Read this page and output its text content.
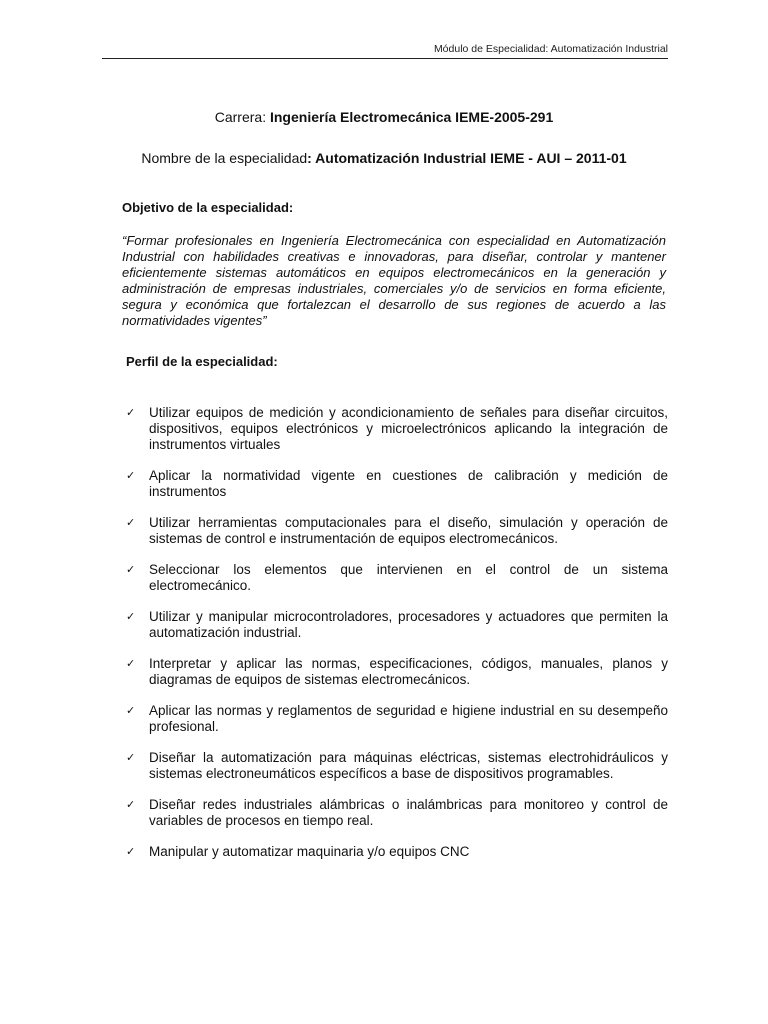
Módulo de Especialidad: Automatización Industrial
Carrera: Ingeniería Electromecánica IEME-2005-291
Nombre de la especialidad: Automatización Industrial IEME - AUI – 2011-01
Objetivo de la especialidad:
“Formar profesionales en Ingeniería Electromecánica con especialidad en Automatización Industrial con habilidades creativas e innovadoras, para diseñar, controlar y mantener eficientemente sistemas automáticos en equipos electromecánicos en la generación y administración de empresas industriales, comerciales y/o de servicios en forma eficiente, segura y económica que fortalezcan el desarrollo de sus regiones de acuerdo a las normatividades vigentes”
Perfil de la especialidad:
✓ Utilizar equipos de medición y acondicionamiento de señales para diseñar circuitos, dispositivos, equipos electrónicos y microelectrónicos aplicando la integración de instrumentos virtuales
✓ Aplicar la normatividad vigente en cuestiones de calibración y medición de instrumentos
✓ Utilizar herramientas computacionales para el diseño, simulación y operación de sistemas de control e instrumentación de equipos electromecánicos.
✓ Seleccionar los elementos que intervienen en el control de un sistema electromecánico.
✓ Utilizar y manipular microcontroladores, procesadores y actuadores que permiten la automatización industrial.
✓ Interpretar y aplicar las normas, especificaciones, códigos, manuales, planos y diagramas de equipos de sistemas electromecánicos.
✓ Aplicar las normas y reglamentos de seguridad e higiene industrial en su desempeño profesional.
✓ Diseñar la automatización para máquinas eléctricas, sistemas electrohidráulicos y sistemas electroneumáticos específicos a base de dispositivos programables.
✓ Diseñar redes industriales alámbricas o inalámbricas para monitoreo y control de variables de procesos en tiempo real.
✓ Manipular y automatizar maquinaria y/o equipos CNC
